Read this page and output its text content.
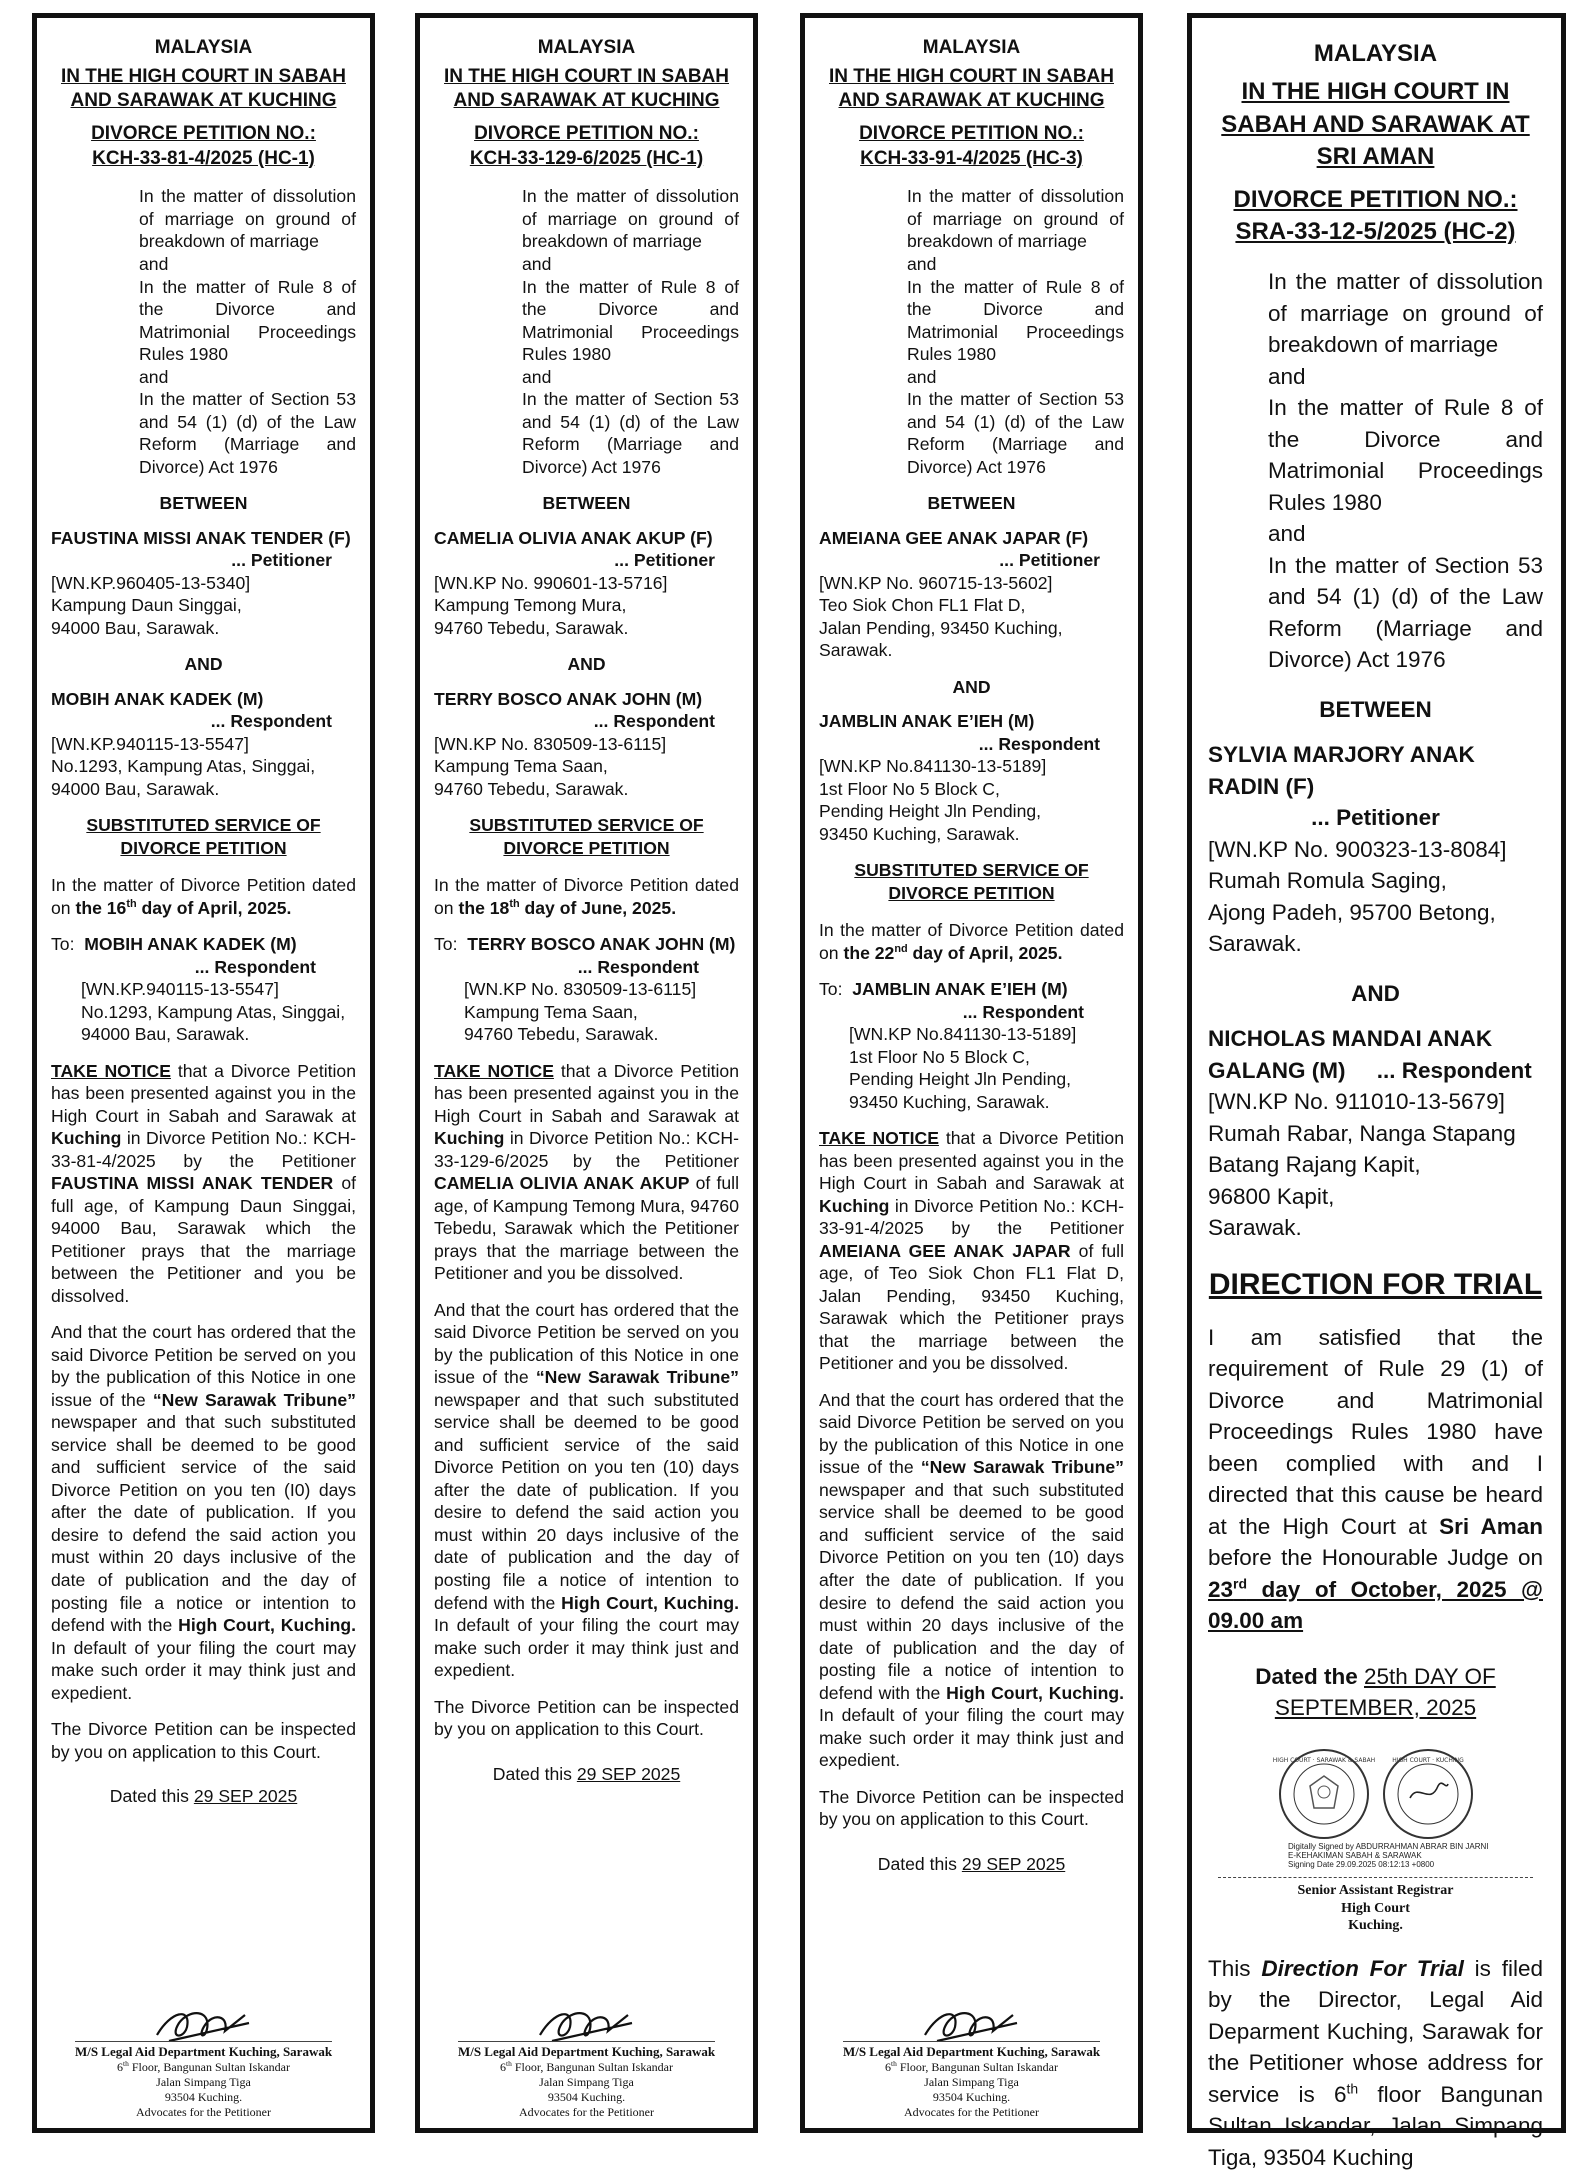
MALAYSIA
IN THE HIGH COURT IN SABAH AND SARAWAK AT KUCHING
DIVORCE PETITION NO.:
KCH-33-81-4/2025 (HC-1)
In the matter of dissolution of marriage on ground of breakdown of marriage
and
In the matter of Rule 8 of the Divorce and Matrimonial Proceedings Rules 1980
and
In the matter of Section 53 and 54 (1) (d) of the Law Reform (Marriage and Divorce) Act 1976
BETWEEN
FAUSTINA MISSI ANAK TENDER (F)
... Petitioner
[WN.KP.960405-13-5340]
Kampung Daun Singgai,
94000 Bau, Sarawak.
AND
MOBIH ANAK KADEK (M)
... Respondent
[WN.KP.940115-13-5547]
No.1293, Kampung Atas, Singgai,
94000 Bau, Sarawak.
SUBSTITUTED SERVICE OF DIVORCE PETITION
In the matter of Divorce Petition dated on the 16th day of April, 2025.
To: MOBIH ANAK KADEK (M)
... Respondent
[WN.KP.940115-13-5547]
No.1293, Kampung Atas, Singgai,
94000 Bau, Sarawak.
TAKE NOTICE that a Divorce Petition has been presented against you in the High Court in Sabah and Sarawak at Kuching in Divorce Petition No.: KCH-33-81-4/2025 by the Petitioner FAUSTINA MISSI ANAK TENDER of full age, of Kampung Daun Singgai, 94000 Bau, Sarawak which the Petitioner prays that the marriage between the Petitioner and you be dissolved.
And that the court has ordered that the said Divorce Petition be served on you by the publication of this Notice in one issue of the “New Sarawak Tribune” newspaper and that such substituted service shall be deemed to be good and sufficient service of the said Divorce Petition on you ten (I0) days after the date of publication. If you desire to defend the said action you must within 20 days inclusive of the date of publication and the day of posting file a notice or intention to defend with the High Court, Kuching. In default of your filing the court may make such order it may think just and expedient.
The Divorce Petition can be inspected by you on application to this Court.
Dated this 29 SEP 2025
M/S Legal Aid Department Kuching, Sarawak
6th Floor, Bangunan Sultan Iskandar
Jalan Simpang Tiga
93504 Kuching.
Advocates for the Petitioner
MALAYSIA
IN THE HIGH COURT IN SABAH AND SARAWAK AT KUCHING
DIVORCE PETITION NO.:
KCH-33-129-6/2025 (HC-1)
In the matter of dissolution of marriage on ground of breakdown of marriage
and
In the matter of Rule 8 of the Divorce and Matrimonial Proceedings Rules 1980
and
In the matter of Section 53 and 54 (1) (d) of the Law Reform (Marriage and Divorce) Act 1976
BETWEEN
CAMELIA OLIVIA ANAK AKUP (F)
... Petitioner
[WN.KP No. 990601-13-5716]
Kampung Temong Mura,
94760 Tebedu, Sarawak.
AND
TERRY BOSCO ANAK JOHN (M)
... Respondent
[WN.KP No. 830509-13-6115]
Kampung Tema Saan,
94760 Tebedu, Sarawak.
SUBSTITUTED SERVICE OF DIVORCE PETITION
In the matter of Divorce Petition dated on the 18th day of June, 2025.
To: TERRY BOSCO ANAK JOHN (M)
... Respondent
[WN.KP No. 830509-13-6115]
Kampung Tema Saan,
94760 Tebedu, Sarawak.
TAKE NOTICE that a Divorce Petition has been presented against you in the High Court in Sabah and Sarawak at Kuching in Divorce Petition No.: KCH-33-129-6/2025 by the Petitioner CAMELIA OLIVIA ANAK AKUP of full age, of Kampung Temong Mura, 94760 Tebedu, Sarawak which the Petitioner prays that the marriage between the Petitioner and you be dissolved.
And that the court has ordered that the said Divorce Petition be served on you by the publication of this Notice in one issue of the “New Sarawak Tribune” newspaper and that such substituted service shall be deemed to be good and sufficient service of the said Divorce Petition on you ten (10) days after the date of publication. If you desire to defend the said action you must within 20 days inclusive of the date of publication and the day of posting file a notice of intention to defend with the High Court, Kuching. In default of your filing the court may make such order it may think just and expedient.
The Divorce Petition can be inspected by you on application to this Court.
Dated this 29 SEP 2025
M/S Legal Aid Department Kuching, Sarawak
6th Floor, Bangunan Sultan Iskandar
Jalan Simpang Tiga
93504 Kuching.
Advocates for the Petitioner
MALAYSIA
IN THE HIGH COURT IN SABAH AND SARAWAK AT KUCHING
DIVORCE PETITION NO.:
KCH-33-91-4/2025 (HC-3)
In the matter of dissolution of marriage on ground of breakdown of marriage
and
In the matter of Rule 8 of the Divorce and Matrimonial Proceedings Rules 1980
and
In the matter of Section 53 and 54 (1) (d) of the Law Reform (Marriage and Divorce) Act 1976
BETWEEN
AMEIANA GEE ANAK JAPAR (F)
... Petitioner
[WN.KP No. 960715-13-5602]
Teo Siok Chon FL1 Flat D,
Jalan Pending, 93450 Kuching,
Sarawak.
AND
JAMBLIN ANAK E’IEH (M)
... Respondent
[WN.KP No.841130-13-5189]
1st Floor No 5 Block C,
Pending Height Jln Pending,
93450 Kuching, Sarawak.
SUBSTITUTED SERVICE OF DIVORCE PETITION
In the matter of Divorce Petition dated on the 22nd day of April, 2025.
To: JAMBLIN ANAK E’IEH (M)
... Respondent
[WN.KP No.841130-13-5189]
1st Floor No 5 Block C,
Pending Height Jln Pending,
93450 Kuching, Sarawak.
TAKE NOTICE that a Divorce Petition has been presented against you in the High Court in Sabah and Sarawak at Kuching in Divorce Petition No.: KCH-33-91-4/2025 by the Petitioner AMEIANA GEE ANAK JAPAR of full age, of Teo Siok Chon FL1 Flat D, Jalan Pending, 93450 Kuching, Sarawak which the Petitioner prays that the marriage between the Petitioner and you be dissolved.
And that the court has ordered that the said Divorce Petition be served on you by the publication of this Notice in one issue of the “New Sarawak Tribune” newspaper and that such substituted service shall be deemed to be good and sufficient service of the said Divorce Petition on you ten (10) days after the date of publication. If you desire to defend the said action you must within 20 days inclusive of the date of publication and the day of posting file a notice of intention to defend with the High Court, Kuching. In default of your filing the court may make such order it may think just and expedient.
The Divorce Petition can be inspected by you on application to this Court.
Dated this 29 SEP 2025
M/S Legal Aid Department Kuching, Sarawak
6th Floor, Bangunan Sultan Iskandar
Jalan Simpang Tiga
93504 Kuching.
Advocates for the Petitioner
MALAYSIA
IN THE HIGH COURT IN SABAH AND SARAWAK AT SRI AMAN
DIVORCE PETITION NO.:
SRA-33-12-5/2025 (HC-2)
In the matter of dissolution of marriage on ground of breakdown of marriage
and
In the matter of Rule 8 of the Divorce and Matrimonial Proceedings Rules 1980
and
In the matter of Section 53 and 54 (1) (d) of the Law Reform (Marriage and Divorce) Act 1976
BETWEEN
SYLVIA MARJORY ANAK RADIN (F)
... Petitioner
[WN.KP No. 900323-13-8084]
Rumah Romula Saging,
Ajong Padeh, 95700 Betong,
Sarawak.
AND
NICHOLAS MANDAI ANAK
GALANG (M) ... Respondent
[WN.KP No. 911010-13-5679]
Rumah Rabar, Nanga Stapang
Batang Rajang Kapit,
96800 Kapit,
Sarawak.
DIRECTION FOR TRIAL
I am satisfied that the requirement of Rule 29 (1) of Divorce and Matrimonial Proceedings Rules 1980 have been complied with and I directed that this cause be heard at the High Court at Sri Aman before the Honourable Judge on 23rd day of October, 2025 @ 09.00 am
Dated the 25th DAY OF SEPTEMBER, 2025
HIGH COURT · SARAWAK & SABAH	HIGH COURT · KUCHING
Digitally Signed by ABDURRAHMAN ABRAR BIN JARNI
E-KEHAKIMAN SABAH & SARAWAK
Signing Date 29.09.2025 08:12:13 +0800
Senior Assistant Registrar
High Court
Kuching.
This Direction For Trial is filed by the Director, Legal Aid Deparment Kuching, Sarawak for the Petitioner whose address for service is 6th floor Bangunan Sultan Iskandar, Jalan Simpang Tiga, 93504 Kuching
